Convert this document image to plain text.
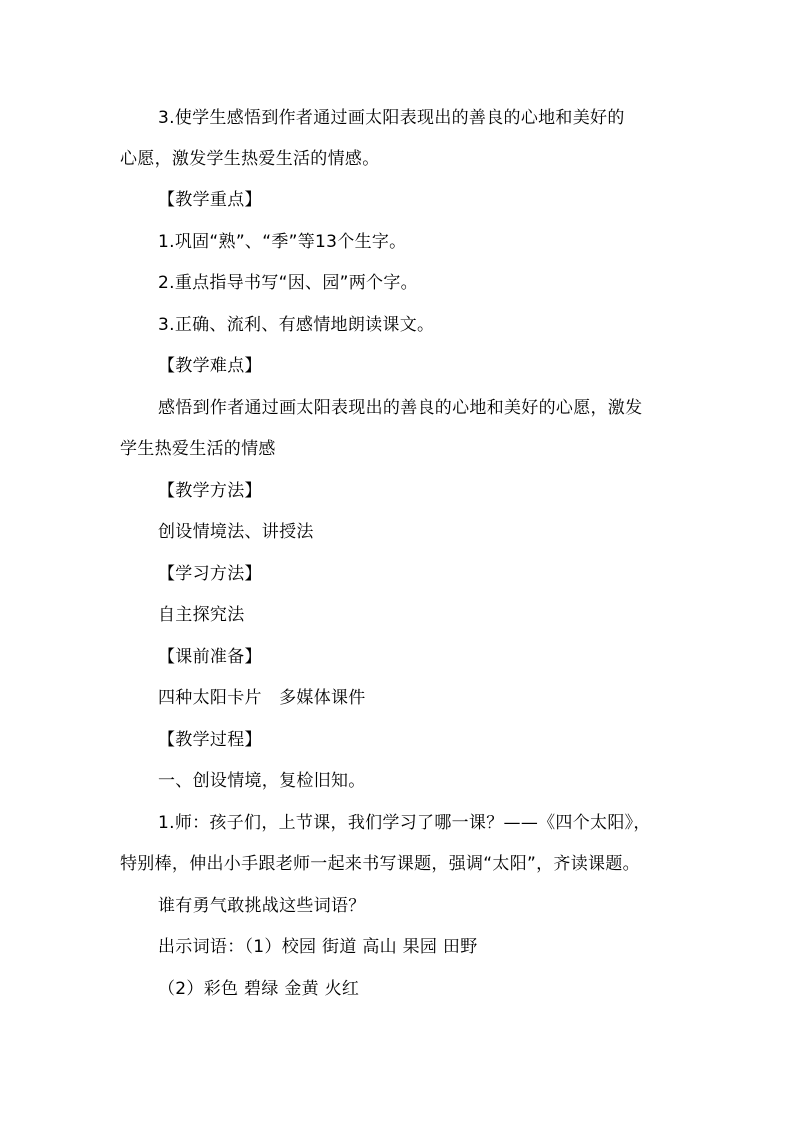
3.使学生感悟到作者通过画太阳表现出的善良的心地和美好的
心愿，激发学生热爱生活的情感。
【教学重点】
1.巩固“熟”、“季”等13个生字。
2.重点指导书写“因、园”两个字。
3.正确、流利、有感情地朗读课文。
【教学难点】
感悟到作者通过画太阳表现出的善良的心地和美好的心愿，激发
学生热爱生活的情感
【教学方法】
创设情境法、讲授法
【学习方法】
自主探究法
【课前准备】
四种太阳卡片　多媒体课件
【教学过程】
一、创设情境，复检旧知。
1.师：孩子们，上节课，我们学习了哪一课？——《四个太阳》，
特别棒，伸出小手跟老师一起来书写课题，强调“太阳”，齐读课题。
谁有勇气敢挑战这些词语？
出示词语：（1）校园 街道 高山 果园 田野
（2）彩色 碧绿 金黄 火红
